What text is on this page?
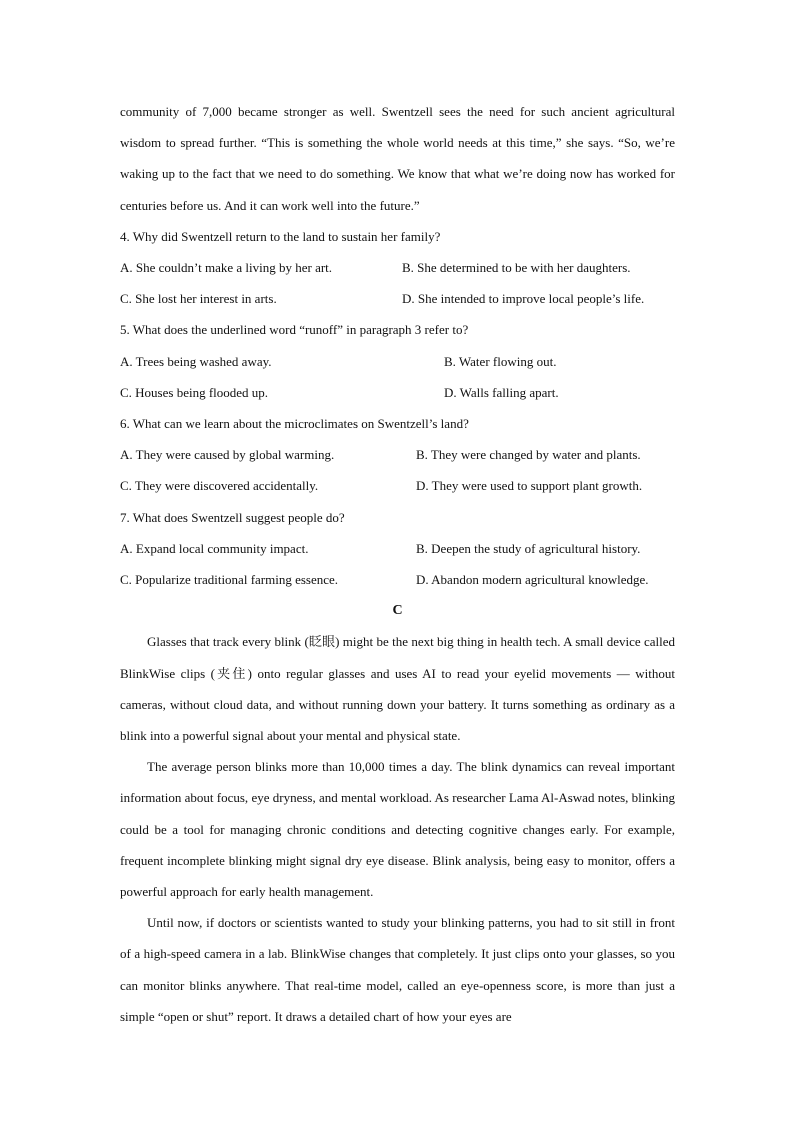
community of 7,000 became stronger as well. Swentzell sees the need for such ancient agricultural wisdom to spread further. “This is something the whole world needs at this time,” she says. “So, we’re waking up to the fact that we need to do something. We know that what we’re doing now has worked for centuries before us. And it can work well into the future.”

4. Why did Swentzell return to the land to sustain her family?

A. She couldn’t make a living by her art.	B. She determined to be with her daughters.
C. She lost her interest in arts.	D. She intended to improve local people’s life.

5. What does the underlined word “runoff” in paragraph 3 refer to?

A. Trees being washed away.	B. Water flowing out.
C. Houses being flooded up.	D. Walls falling apart.

6. What can we learn about the microclimates on Swentzell’s land?

A. They were caused by global warming.	B. They were changed by water and plants.
C. They were discovered accidentally.	D. They were used to support plant growth.

7. What does Swentzell suggest people do?

A. Expand local community impact.	B. Deepen the study of agricultural history.
C. Popularize traditional farming essence.	D. Abandon modern agricultural knowledge.

C

Glasses that track every blink (眨眼) might be the next big thing in health tech. A small device called BlinkWise clips (夹住) onto regular glasses and uses AI to read your eyelid movements — without cameras, without cloud data, and without running down your battery. It turns something as ordinary as a blink into a powerful signal about your mental and physical state.

The average person blinks more than 10,000 times a day. The blink dynamics can reveal important information about focus, eye dryness, and mental workload. As researcher Lama Al-Aswad notes, blinking could be a tool for managing chronic conditions and detecting cognitive changes early. For example, frequent incomplete blinking might signal dry eye disease. Blink analysis, being easy to monitor, offers a powerful approach for early health management.

Until now, if doctors or scientists wanted to study your blinking patterns, you had to sit still in front of a high-speed camera in a lab. BlinkWise changes that completely. It just clips onto your glasses, so you can monitor blinks anywhere. That real-time model, called an eye-openness score, is more than just a simple “open or shut” report. It draws a detailed chart of how your eyes are
